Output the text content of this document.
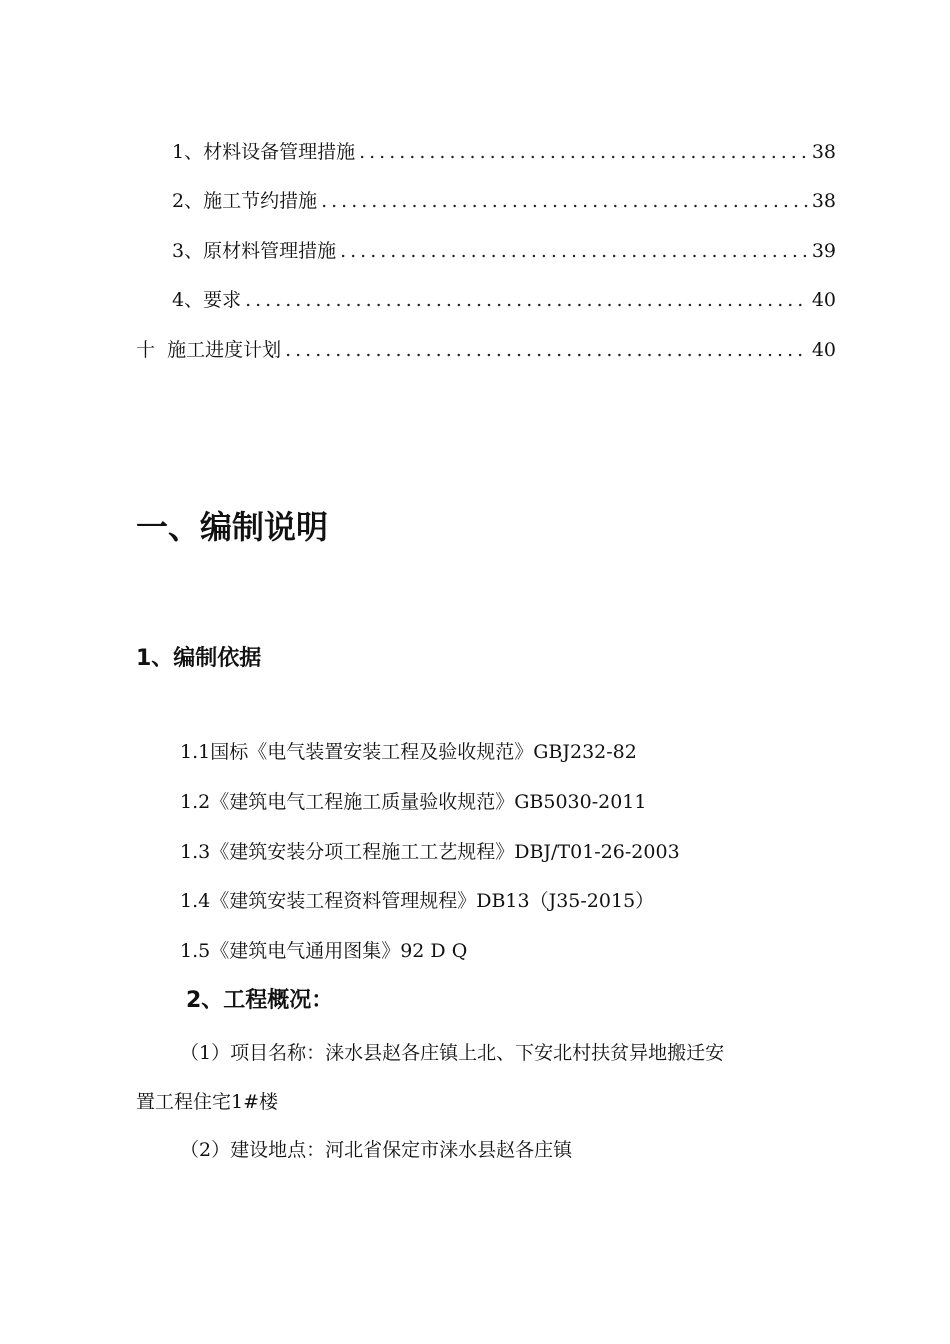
1、材料设备管理措施 .....	38
2、施工节约措施 .....	38
3、原材料管理措施 .....	39
4、要求 .....	40
十  施工进度计划 .....	40
一、编制说明
1、编制依据
1.1国标《电气装置安装工程及验收规范》GBJ232-82
1.2《建筑电气工程施工质量验收规范》GB5030-2011
1.3《建筑安装分项工程施工工艺规程》DBJ/T01-26-2003
1.4《建筑安装工程资料管理规程》DB13（J35-2015）
1.5《建筑电气通用图集》92 D Q
2、工程概况：
（1）项目名称：涞水县赵各庄镇上北、下安北村扶贫异地搬迁安
置工程住宅1#楼
（2）建设地点：河北省保定市涞水县赵各庄镇
